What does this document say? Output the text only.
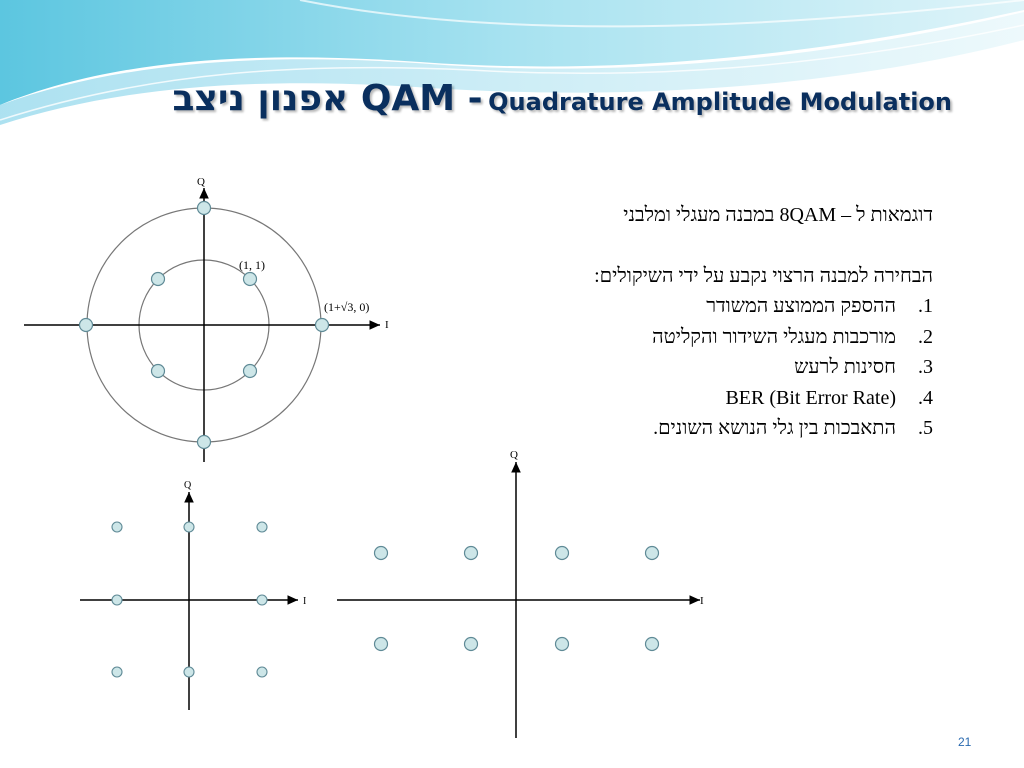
אפנון ניצב QAM - Quadrature Amplitude Modulation

דוגמאות ל – 8QAM במבנה מעגלי ומלבני

הבחירה למבנה הרצוי נקבע על ידי השיקולים:

1.
ההספק הממוצע המשודר
2.
מורכבות מעגלי השידור והקליטה
3.
חסינות לרעש
4.
BER (Bit Error Rate)
5.
התאבכות בין גלי הנושא השונים.
Q
I
(1, 1)
(1+√3, 0)
Q
I
Q
I
21
